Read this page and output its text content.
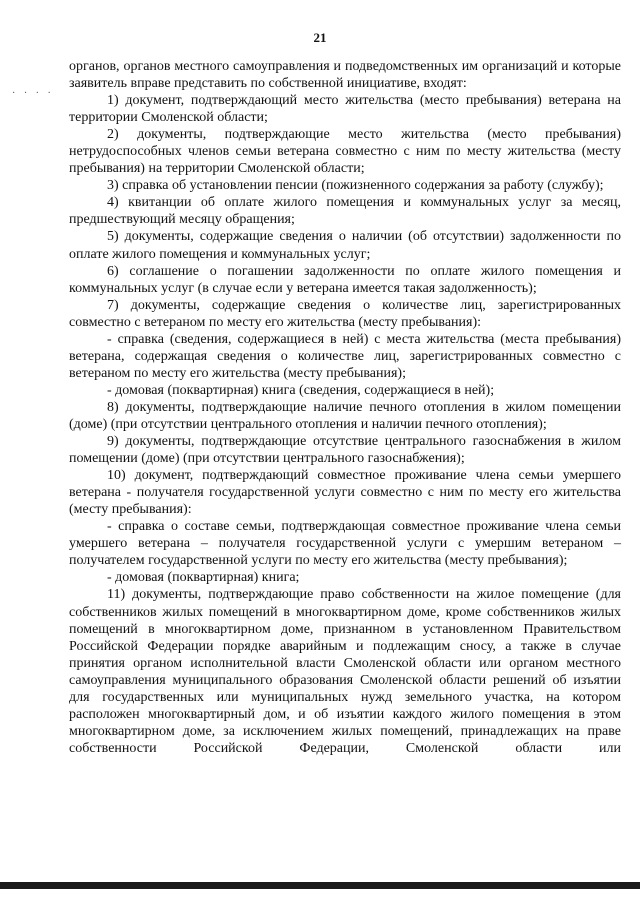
21
· · · ·

органов, органов местного самоуправления и подведомственных им организаций и которые заявитель вправе представить по собственной инициативе, входят:

1) документ, подтверждающий место жительства (место пребывания) ветерана на территории Смоленской области;

2) документы, подтверждающие место жительства (место пребывания) нетрудоспособных членов семьи ветерана совместно с ним по месту жительства (месту пребывания) на территории Смоленской области;

3) справка об установлении пенсии (пожизненного содержания за работу (службу);

4) квитанции об оплате жилого помещения и коммунальных услуг за месяц, предшествующий месяцу обращения;

5) документы, содержащие сведения о наличии (об отсутствии) задолженности по оплате жилого помещения и коммунальных услуг;

6) соглашение о погашении задолженности по оплате жилого помещения и коммунальных услуг (в случае если у ветерана имеется такая задолженность);

7) документы, содержащие сведения о количестве лиц, зарегистрированных совместно с ветераном по месту его жительства (месту пребывания):

- справка (сведения, содержащиеся в ней) с места жительства (места пребывания) ветерана, содержащая сведения о количестве лиц, зарегистрированных совместно с ветераном по месту его жительства (месту пребывания);

- домовая (поквартирная) книга (сведения, содержащиеся в ней);

8) документы, подтверждающие наличие печного отопления в жилом помещении (доме) (при отсутствии центрального отопления и наличии печного отопления);

9) документы, подтверждающие отсутствие центрального газоснабжения в жилом помещении (доме) (при отсутствии центрального газоснабжения);

10) документ, подтверждающий совместное проживание члена семьи умершего ветерана - получателя государственной услуги совместно с ним по месту его жительства (месту пребывания):

- справка о составе семьи, подтверждающая совместное проживание члена семьи умершего ветерана – получателя государственной услуги с умершим ветераном – получателем государственной услуги по месту его жительства (месту пребывания);

- домовая (поквартирная) книга;

11) документы, подтверждающие право собственности на жилое помещение (для собственников жилых помещений в многоквартирном доме, кроме собственников жилых помещений в многоквартирном доме, признанном в установленном Правительством Российской Федерации порядке аварийным и подлежащим сносу, а также в случае принятия органом исполнительной власти Смоленской области или органом местного самоуправления муниципального образования Смоленской области решений об изъятии для государственных или муниципальных нужд земельного участка, на котором расположен многоквартирный дом, и об изъятии каждого жилого помещения в этом многоквартирном доме, за исключением жилых помещений, принадлежащих на праве собственности Российской Федерации, Смоленской области или
